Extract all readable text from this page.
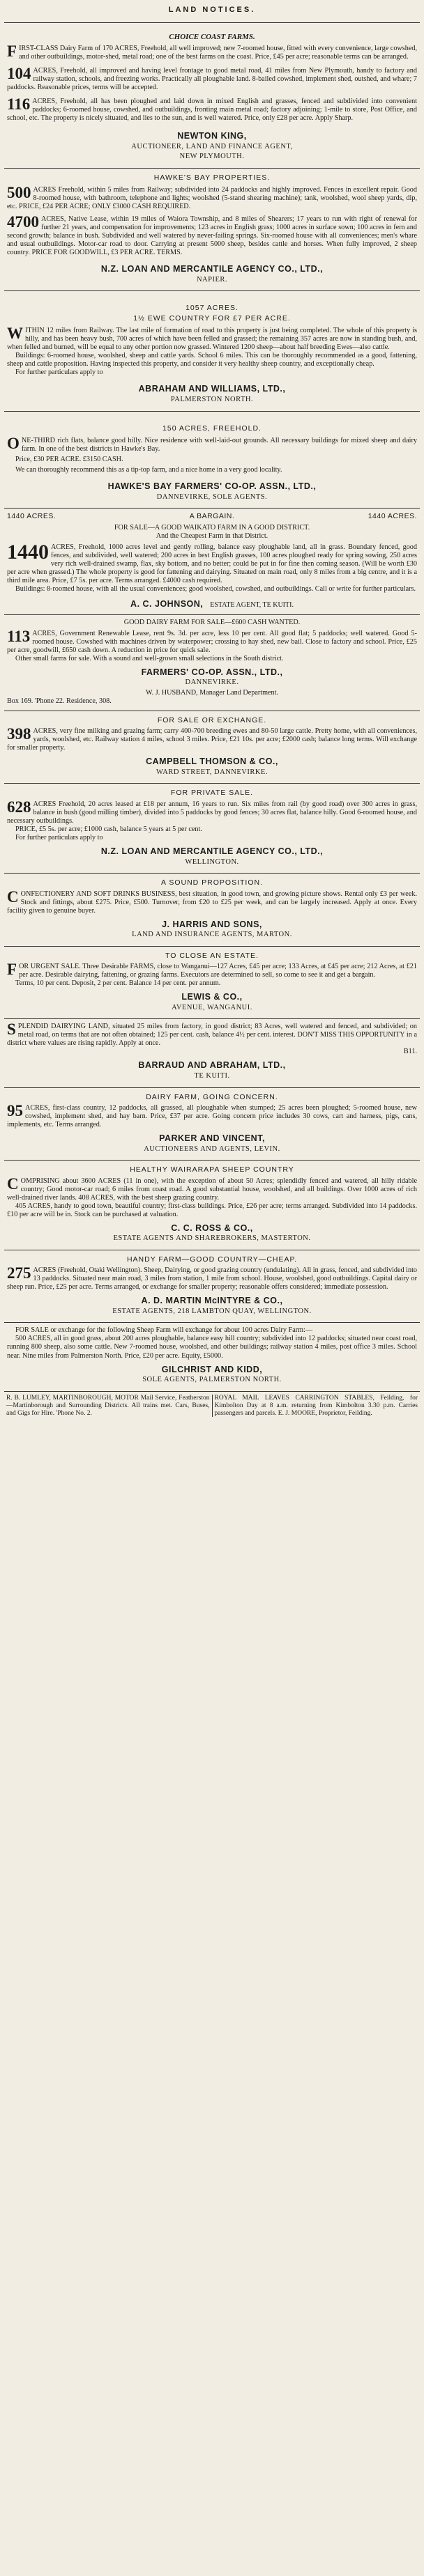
LAND NOTICES.
CHOICE COAST FARMS.

FIRST-CLASS Dairy Farm of 170 ACRES, Freehold, all well improved; new 7-roomed house, fitted with every convenience, large cowshed, and other outbuildings, motor-shed, metal road; one of the best farms on the coast. Price, £45 per acre; reasonable terms can be arranged.

104 ACRES, Freehold, all improved and having level frontage to good metal road, 41 miles from New Plymouth, handy to factory and railway station, schools, and freezing works. Practically all ploughable land. 8-bailed cowshed, implement shed, outshed, and whare; 7 paddocks. Reasonable prices, terms will be accepted.

116 ACRES, Freehold, all has been ploughed and laid down in mixed English and grasses, fenced and subdivided into convenient paddocks; 6-roomed house, cowshed, and outbuildings, fronting main metal road; factory adjoining; 1-mile to store, Post Office, and school, etc. The property is nicely situated, and lies to the sun, and is well watered. Price, only £28 per acre. Apply Sharp.

NEWTON KING,
AUCTIONEER, LAND AND FINANCE AGENT,
NEW PLYMOUTH.
HAWKE'S BAY PROPERTIES.

500 ACRES Freehold, within 5 miles from Railway; subdivided into 24 paddocks and highly improved. Fences in excellent repair. Good 8-roomed house, with bathroom, telephone and lights; woolshed (5-stand shearing machine); tank, woolshed, wool sheep yards, dip, etc. PRICE, £24 PER ACRE; ONLY £3000 CASH REQUIRED.

4700 ACRES, Native Lease, within 19 miles of Waiora Township, and 8 miles of Shearers; 17 years to run with right of renewal for further 21 years, and compensation for improvements; 123 acres in English grass; 1000 acres in surface sown; 100 acres in fern and second growth; balance in bush. Subdivided and well watered by never-failing springs. Six-roomed house with all conveniences; men's whare and usual outbuildings. Motor-car road to door. Carrying at present 5000 sheep, besides cattle and horses. When fully improved, 2 sheep country. PRICE FOR GOODWILL, £3 PER ACRE. TERMS.

N.Z. LOAN AND MERCANTILE AGENCY CO., LTD.,
NAPIER.
1057 ACRES.
1½ EWE COUNTRY FOR £7 PER ACRE.

WITHIN 12 miles from Railway. The last mile of formation of road to this property is just being completed. The whole of this property is hilly, and has been heavy bush, 700 acres of which have been felled and grassed; the remaining 357 acres are now in standing bush, and, when felled and burned, will be equal to any other portion now grassed. Wintered 1200 sheep—about half breeding Ewes—also cattle.

Buildings: 6-roomed house, woolshed, sheep and cattle yards. School 6 miles. This can be thoroughly recommended as a good, fattening, sheep and cattle proposition. Having inspected this property, and consider it very healthy sheep country, and exceptionally cheap.

For further particulars apply to

ABRAHAM AND WILLIAMS, LTD.,
PALMERSTON NORTH.
150 ACRES, FREEHOLD.

ONE-THIRD rich flats, balance good hilly. Nice residence with well-laid-out grounds. All necessary buildings for mixed sheep and dairy farm. In one of the best districts in Hawke's Bay.

Price, £30 PER ACRE. £3150 CASH.

We can thoroughly recommend this as a tip-top farm, and a nice home in a very good locality.

HAWKE'S BAY FARMERS' CO-OP. ASSN., LTD.,
DANNEVIRKE, SOLE AGENTS.
1440 ACRES.	A BARGAIN.	1440 ACRES.
FOR SALE—A GOOD WAIKATO FARM IN A GOOD DISTRICT.
And the Cheapest Farm in that District.

1440 ACRES, Freehold, 1000 acres level and gently rolling, balance easy ploughable land, all in grass. Boundary fenced, good fences, and subdivided, well watered; 200 acres in best English grasses, 100 acres ploughed ready for spring sowing, 250 acres very rich well-drained swamp, flax, sky bottom, and no better; could be put in for fine then coming season. (Will be worth £30 per acre when grassed.) The whole property is good for fattening and dairying. Situated on main road, only 8 miles from a big centre, and it is a third mile area. Price, £7 5s. per acre. Terms arranged. £4000 cash required.

Buildings: 8-roomed house, with all the usual conveniences; good woolshed, cowshed, and outbuildings. Call or write for further particulars.

A. C. JOHNSON, ESTATE AGENT, TE KUITI.
GOOD DAIRY FARM FOR SALE—£600 CASH WANTED.

113 ACRES, Government Renewable Lease, rent 9s. 3d. per acre, less 10 per cent. All good flat; 5 paddocks; well watered. Good 5-roomed house. Cowshed with machines driven by waterpower; crossing to hay shed, new bail. Close to factory and school. Price, £25 per acre, goodwill, £650 cash down. A reduction in price for quick sale.

Other small farms for sale. With a sound and well-grown small selections in the South district.

FARMERS' CO-OP. ASSN., LTD.,
DANNEVIRKE.
W. J. HUSBAND, Manager Land Department.
Box 169. 'Phone 22. Residence, 308.
FOR SALE OR EXCHANGE.

398 ACRES, very fine milking and grazing farm; carry 400-700 breeding ewes and 80-50 large cattle. Pretty home, with all conveniences, yards, woolshed, etc. Railway station 4 miles, school 3 miles. Price, £21 10s. per acre; £2000 cash; balance long terms. Will exchange for smaller property.

CAMPBELL THOMSON & CO.,
WARD STREET, DANNEVIRKE.
FOR PRIVATE SALE.

628 ACRES Freehold, 20 acres leased at £18 per annum, 16 years to run. Six miles from rail (by good road) over 300 acres in grass, balance in bush (good milling timber), divided into 5 paddocks by good fences; 30 acres flat, balance hilly. Good 6-roomed house, and necessary outbuildings.

PRICE, £5 5s. per acre; £1000 cash, balance 5 years at 5 per cent.

For further particulars apply to

N.Z. LOAN AND MERCANTILE AGENCY CO., LTD.,
WELLINGTON.
A SOUND PROPOSITION.

CONFECTIONERY AND SOFT DRINKS BUSINESS, best situation, in good town, and growing picture shows. Rental only £3 per week. Stock and fittings, about £275. Price, £500. Turnover, from £20 to £25 per week, and can be largely increased. Apply at once. Every facility given to genuine buyer.

J. HARRIS AND SONS,
LAND AND INSURANCE AGENTS, MARTON.
TO CLOSE AN ESTATE.

FOR URGENT SALE. Three Desirable FARMS, close to Wanganui—127 Acres, £45 per acre; 133 Acres, at £45 per acre; 212 Acres, at £21 per acre. Desirable dairying, fattening, or grazing farms. Executors are determined to sell, so come to see it and get a bargain.

Terms, 10 per cent. Deposit, 2 per cent. Balance 14 per cent. per annum.

LEWIS & CO.,
AVENUE, WANGANUI.

SPLENDID DAIRYING LAND, situated 25 miles from factory, in good district; 83 Acres, well watered and fenced, and subdivided; on metal road, on terms that are not often obtained; 125 per cent. cash, balance 4½ per cent. interest. DON'T MISS THIS OPPORTUNITY in a district where values are rising rapidly. Apply at once.

B11.
BARRAUD AND ABRAHAM, LTD.,
TE KUITI.
DAIRY FARM, GOING CONCERN.

95 ACRES, first-class country, 12 paddocks, all grassed, all ploughable when stumped; 25 acres been ploughed; 5-roomed house, new cowshed, implement shed, and hay barn. Price, £37 per acre. Going concern price includes 30 cows, cart and harness, pigs, cans, implements, etc. Terms arranged.

PARKER AND VINCENT,
AUCTIONEERS AND AGENTS, LEVIN.
HEALTHY WAIRARAPA SHEEP COUNTRY

COMPRISING about 3600 ACRES (11 in one), with the exception of about 50 Acres; splendidly fenced and watered, all hilly ridable country; Good motor-car road; 6 miles from coast road. A good substantial house, woolshed, and all buildings. Over 1000 acres of rich well-drained river lands. 408 ACRES, with the best sheep grazing country.

405 ACRES, handy to good town, beautiful country; first-class buildings. Price, £26 per acre; terms arranged. Subdivided into 14 paddocks. £10 per acre will be in. Stock can be purchased at valuation.

C. C. ROSS & CO.,
ESTATE AGENTS AND SHAREBROKERS, MASTERTON.
HANDY FARM—GOOD COUNTRY—CHEAP.

275 ACRES (Freehold, Otaki Wellington). Sheep, Dairying, or good grazing country (undulating). All in grass, fenced, and subdivided into 13 paddocks. Situated near main road, 3 miles from station, 1 mile from school. House, woolshed, good outbuildings. Capital dairy or sheep run. Price, £25 per acre. Terms arranged, or exchange for smaller property; reasonable offers considered; immediate possession.

A. D. MARTIN McINTYRE & CO.,
ESTATE AGENTS, 218 LAMBTON QUAY, WELLINGTON.

FOR SALE or exchange for the following Sheep Farm will exchange for about 100 acres Dairy Farm:—

500 ACRES, all in good grass, about 200 acres ploughable, balance easy hill country; subdivided into 12 paddocks; situated near coast road, running 800 sheep, also some cattle. New 7-roomed house, woolshed, and other buildings; railway station 4 miles, post office 3 miles. School near. Nine miles from Palmerston North. Price, £20 per acre. Equity, £5000.

GILCHRIST AND KIDD,
SOLE AGENTS, PALMERSTON NORTH.
R. B. LUMLEY, MARTINBOROUGH, MOTOR Mail Service, Featherston—Martinborough and Surrounding Districts. All trains met. Cars, Buses, and Gigs for Hire. 'Phone No. 2.
ROYAL MAIL LEAVES CARRINGTON STABLES, Feilding, for Kimbolton Day at 8 a.m. returning from Kimbolton 3.30 p.m. Carries passengers and parcels. E. J. MOORE, Proprietor, Feilding.
